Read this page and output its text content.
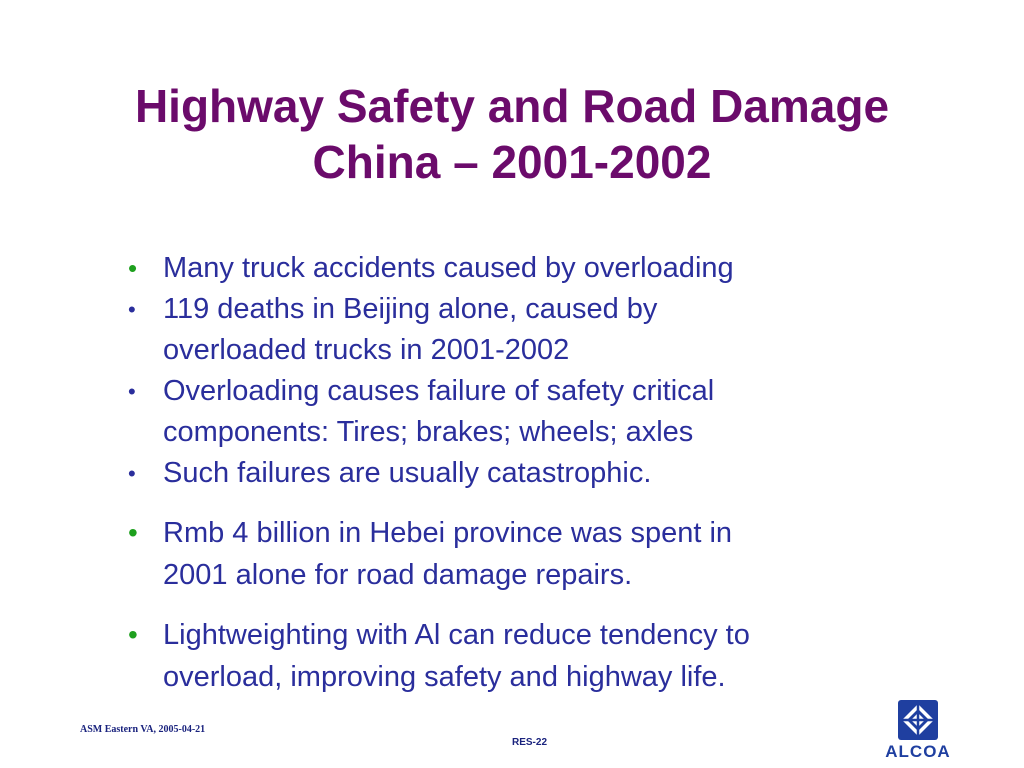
Highway Safety and Road Damage
China – 2001-2002
• Many truck accidents caused by overloading
• 119 deaths in Beijing alone, caused by
overloaded trucks in 2001-2002
• Overloading causes failure of safety critical
components: Tires; brakes; wheels; axles
• Such failures are usually catastrophic.
• Rmb 4 billion in Hebei province was spent in
2001 alone for road damage repairs.
• Lightweighting with Al can reduce tendency to
overload, improving safety and highway life.
ASM Eastern VA, 2005-04-21
RES-22	ALCOA
